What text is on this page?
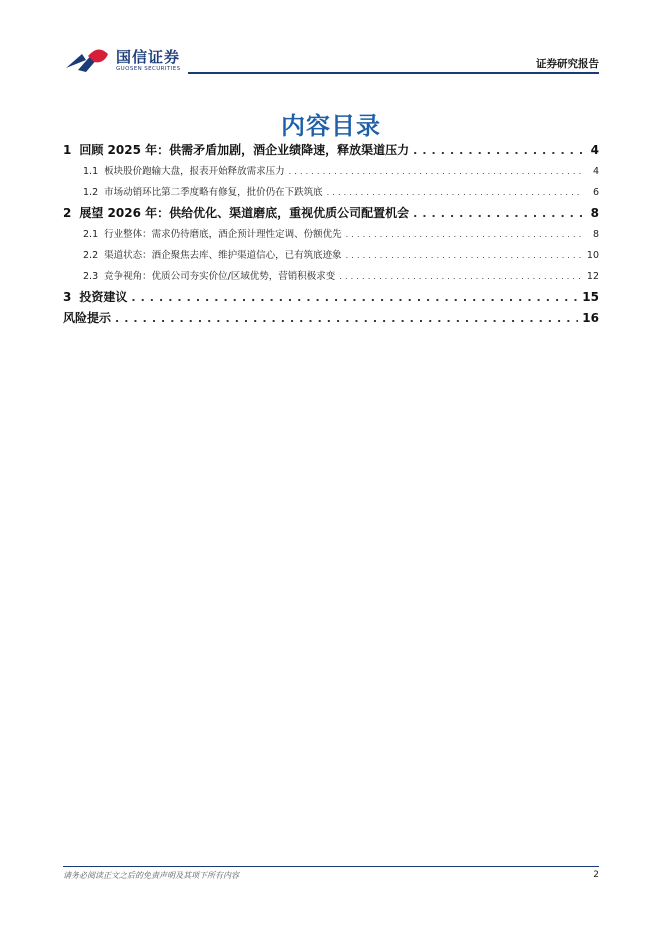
国信证券
GUOSEN SECURITIES	证券研究报告
内容目录
1 回顾 2025 年：供需矛盾加剧，酒企业绩降速，释放渠道压力 . . .	4
1.1 板块股价跑输大盘，报表开始释放需求压力 . . .	4
1.2 市场动销环比第二季度略有修复，批价仍在下跌筑底 . . .	6
2 展望 2026 年：供给优化、渠道磨底，重视优质公司配置机会 . . .	8
2.1 行业整体：需求仍待磨底，酒企预计理性定调、份额优先 . . .	8
2.2 渠道状态：酒企聚焦去库、维护渠道信心，已有筑底迹象 . . .	10
2.3 竞争视角：优质公司夯实价位/区域优势，营销积极求变 . . .	12
3 投资建议 . . .	15
风险提示 . . .	16
请务必阅读正文之后的免责声明及其项下所有内容	2
